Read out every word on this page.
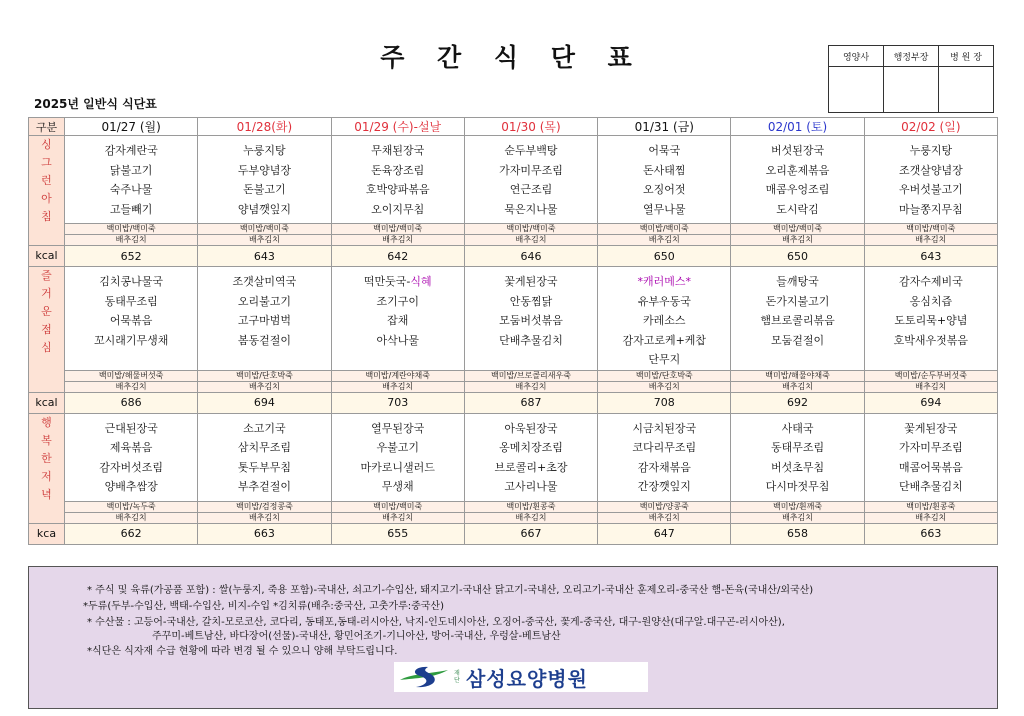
주 간 식 단 표	영양사	행정부장	병 원 장

2025년 일반식 식단표
구분	01/27 (월)	01/28(화)	01/29 (수)-설날	01/30 (목)	01/31 (금)	02/01 (토)	02/02 (일)
싱
그
런
아
침	감자계란국
닭불고기
숙주나물
고들빼기	누룽지탕
두부양념장
돈불고기
양념깻잎지	무채된장국
돈육장조림
호박양파볶음
오이지무침	순두부백탕
가자미무조림
연근조림
묵은지나물	어묵국
돈사태찜
오징어젓
열무나물	버섯된장국
오리훈제볶음
매콤우엉조림
도시락김	누룽지탕
조갯살양념장
우버섯불고기
마늘쫑지무침

	백미밥/백미죽	백미밥/백미죽	백미밥/백미죽	백미밥/백미죽	백미밥/백미죽	백미밥/백미죽	백미밥/백미죽
	배추김치	배추김치	배추김치	배추김치	배추김치	배추김치	배추김치
kcal	652	643	642	646	650	650	643
즐
거
운
점
심	김치콩나물국
동태무조림
어묵볶음
꼬시래기무생채	조갯살미역국
오리불고기
고구마범벅
봄동겉절이	떡만둣국-식혜
조기구이
잡채
아삭나물	꽃게된장국
안동찜닭
모둠버섯볶음
단배추물김치	*캐러메스*
유부우동국
카레소스
감자고로케+케찹
단무지	들깨탕국
돈가지불고기
햄브로콜리볶음
모둠겉절이	감자수제비국
옹심치즙
도토리묵+양념
호박새우젓볶음

	백미밥/해물버섯죽	백미밥/단호박죽	백미밥/계란야채죽	백미밥/브로콜리새우죽	백미밥/단호박죽	백미밥/해물야채죽	백미밥/순두부버섯죽
	배추김치	배추김치	배추김치	배추김치	배추김치	배추김치	배추김치
kcal	686	694	703	687	708	692	694
행
복
한
저
녁	근대된장국
제육볶음
감자버섯조림
양배추쌈장	소고기국
삼치무조림
톳두부무침
부추겉절이	열무된장국
우불고기
마카로니샐러드
무생채	아욱된장국
옹메치장조림
브로콜리+초장
고사리나물	시금치된장국
코다리무조림
감자채볶음
간장깻잎지	사태국
동태무조림
버섯초무침
다시마젓무침	꽃게된장국
가자미무조림
매콤어묵볶음
단배추물김치

	백미밥/녹두죽	백미밥/검정콩죽	백미밥/백미죽	백미밥/흰콩죽	백미밥/양콩죽	백미밥/흰깨죽	백미밥/흰콩죽
	배추김치	배추김치	배추김치	배추김치	배추김치	배추김치	배추김치
kca	662	663	655	667	647	658	663

* 주식 및 육류(가공품 포함) : 쌀(누룽지, 죽용 포함)-국내산, 쇠고기-수입산, 돼지고기-국내산 닭고기-국내산, 오리고기-국내산 훈제오리-중국산 햄-돈육(국내산/외국산)

*두류(두부-수입산, 백태-수입산, 비지-수입 *김치류(배추:중국산, 고춧가루:중국산)

* 수산물 : 고등어-국내산, 갈치-모로코산, 코다리, 동태포,동태-러시아산, 낙지-인도네시아산, 오징어-중국산, 꽃게-중국산, 대구-원양산(대구알.대구곤-러시아산),

주꾸미-베트남산, 바다장어(선물)-국내산, 황민어조기-기니아산, 방어-국내산, 우렁살-베트남산

*식단은 식자재 수급 현황에 따라 변경 될 수 있으니 양해 부탁드립니다.

재단 삼성요양병원
